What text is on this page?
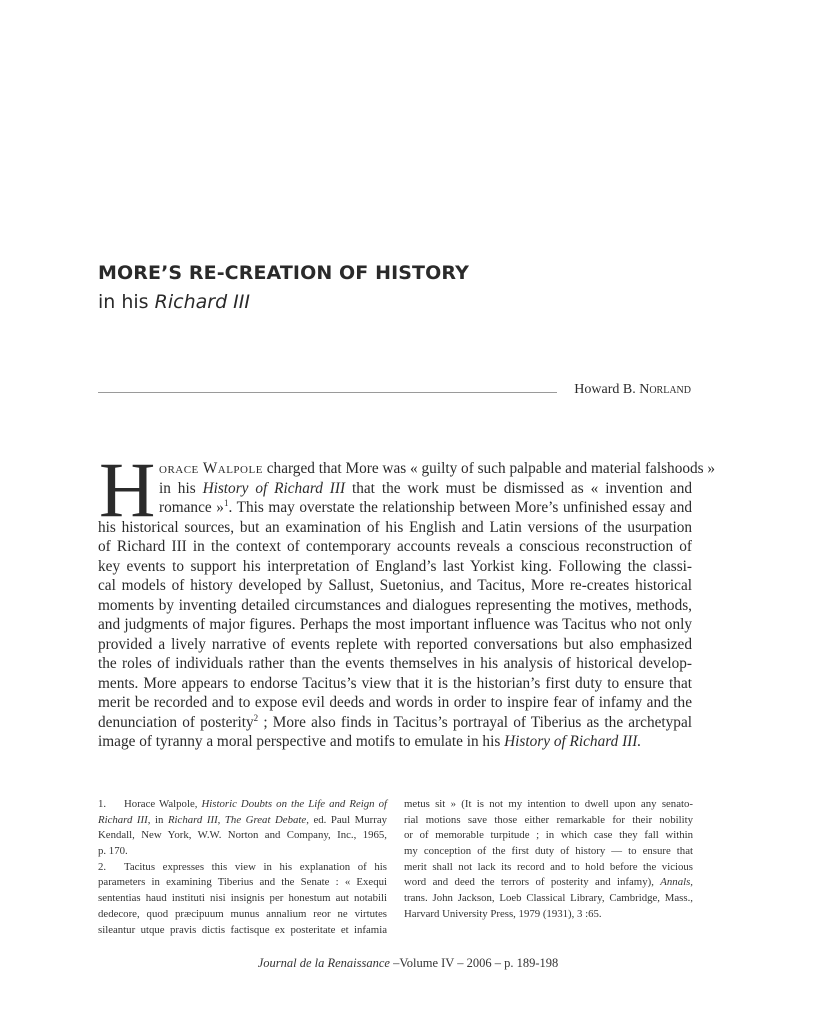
MORE’S RE-CREATION OF HISTORY
in his Richard III
Howard B. Norland
H orace Walpole charged that More was « guilty of such palpable and material falshoods »
in his History of Richard III that the work must be dismissed as « invention and
romance »$^1$. This may overstate the relationship between More’s unfinished essay and
his historical sources, but an examination of his English and Latin versions of the usurpation
of Richard III in the context of contemporary accounts reveals a conscious reconstruction of
key events to support his interpretation of England’s last Yorkist king. Following the classi-
cal models of history developed by Sallust, Suetonius, and Tacitus, More re-creates historical
moments by inventing detailed circumstances and dialogues representing the motives, methods,
and judgments of major figures. Perhaps the most important influence was Tacitus who not only
provided a lively narrative of events replete with reported conversations but also emphasized
the roles of individuals rather than the events themselves in his analysis of historical develop-
ments. More appears to endorse Tacitus’s view that it is the historian’s first duty to ensure that
merit be recorded and to expose evil deeds and words in order to inspire fear of infamy and the
denunciation of posterity$^2$ ; More also finds in Tacitus’s portrayal of Tiberius as the archetypal
image of tyranny a moral perspective and motifs to emulate in his History of Richard III.
1. Horace Walpole, Historic Doubts on the Life and Reign of
Richard III, in Richard III, The Great Debate, ed. Paul Murray
Kendall, New York, W.W. Norton and Company, Inc., 1965,
p. 170.
2. Tacitus expresses this view in his explanation of his
parameters in examining Tiberius and the Senate : « Exequi
sententias haud instituti nisi insignis per honestum aut notabili
dedecore, quod præcipuum munus annalium reor ne virtutes
sileantur utque pravis dictis factisque ex posteritate et infamia
metus sit » (It is not my intention to dwell upon any senato-
rial motions save those either remarkable for their nobility
or of memorable turpitude ; in which case they fall within
my conception of the first duty of history — to ensure that
merit shall not lack its record and to hold before the vicious
word and deed the terrors of posterity and infamy), Annals,
trans. John Jackson, Loeb Classical Library, Cambridge, Mass.,
Harvard University Press, 1979 (1931), 3 :65.
Journal de la Renaissance –Volume IV – 2006 – p. 189-198
